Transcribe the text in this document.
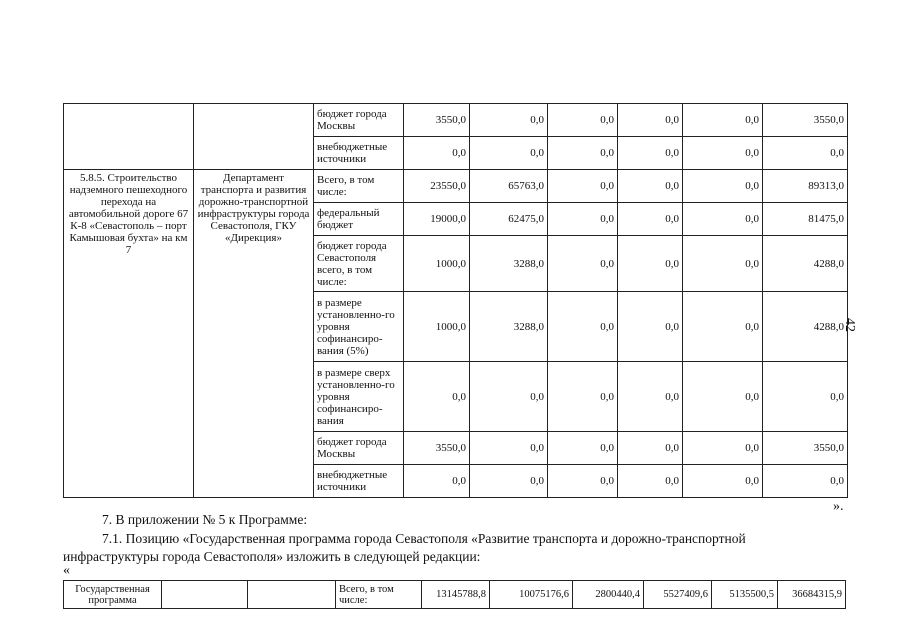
42
		бюджет города Москвы	3550,0	0,0	0,0	0,0	0,0	3550,0
		внебюджетные источники	0,0	0,0	0,0	0,0	0,0	0,0
5.8.5. Строительство надземного пешеходного перехода на автомобильной дороге 67 К-8 «Севастополь – порт Камышовая бухта» на км 7	Департамент транспорта и развития дорожно-транспортной инфраструктуры города Севастополя, ГКУ «Дирекция»	Всего, в том числе:	23550,0	65763,0	0,0	0,0	0,0	89313,0
		федеральный бюджет	19000,0	62475,0	0,0	0,0	0,0	81475,0
		бюджет города Севастополя всего, в том числе:	1000,0	3288,0	0,0	0,0	0,0	4288,0
		в размере установленно-го уровня софинансиро-вания (5%)	1000,0	3288,0	0,0	0,0	0,0	4288,0
		в размере сверх установленно-го уровня софинансиро-вания	0,0	0,0	0,0	0,0	0,0	0,0
		бюджет города Москвы	3550,0	0,0	0,0	0,0	0,0	3550,0
		внебюджетные источники	0,0	0,0	0,0	0,0	0,0	0,0
».
7. В приложении № 5 к Программе:
7.1. Позицию «Государственная программа города Севастополя «Развитие транспорта и дорожно-транспортной
инфраструктуры города Севастополя» изложить в следующей редакции:
«
Государственная программа			Всего, в том числе:	13145788,8	10075176,6	2800440,4	5527409,6	5135500,5	36684315,9
